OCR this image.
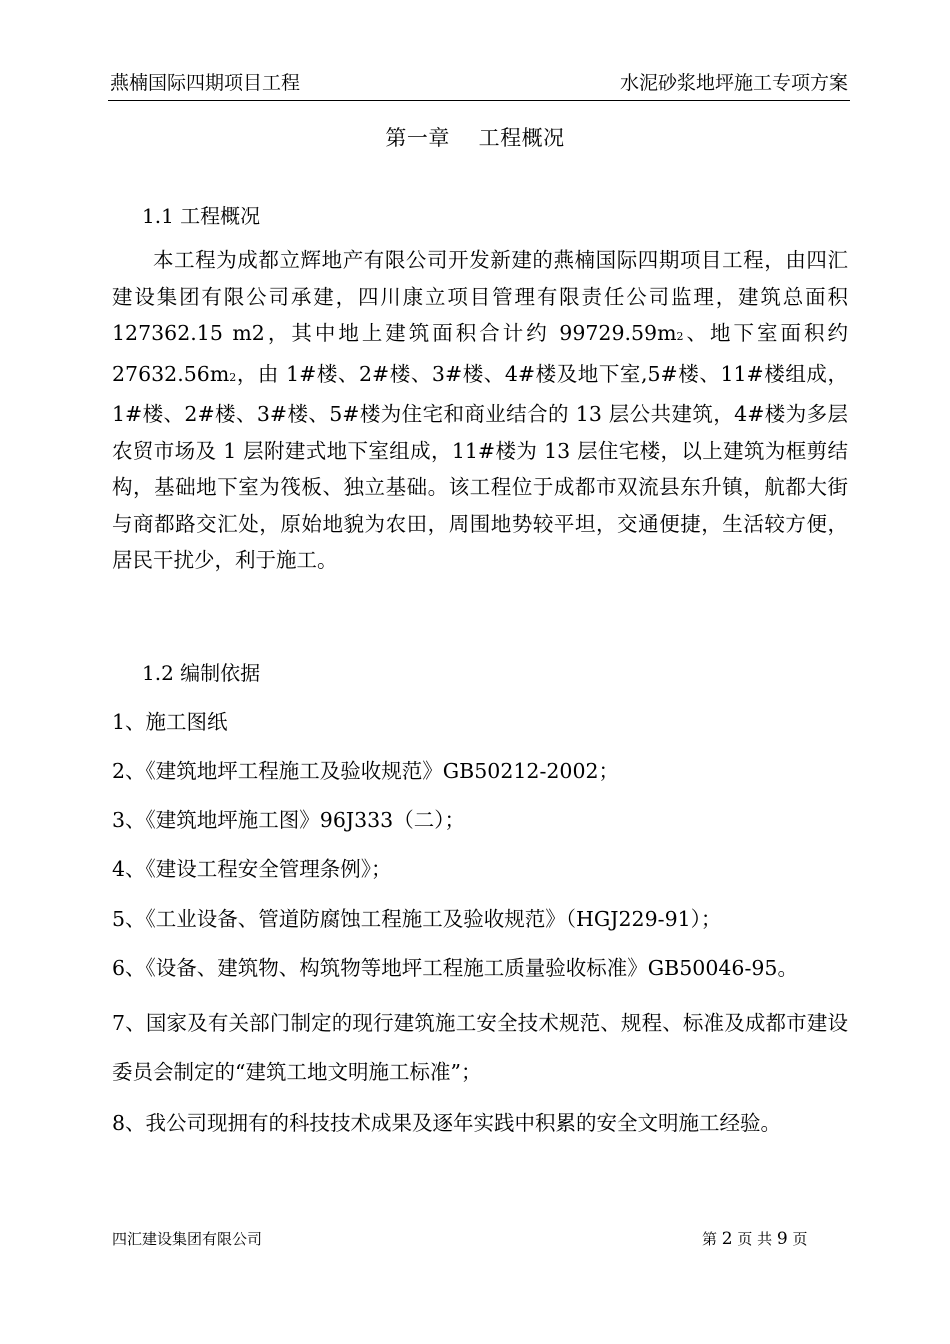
燕楠国际四期项目工程	水泥砂浆地坪施工专项方案
第一章    工程概况
1.1 工程概况
本工程为成都立辉地产有限公司开发新建的燕楠国际四期项目工程，由四汇建设集团有限公司承建，四川康立项目管理有限责任公司监理，建筑总面积 127362.15 m2，其中地上建筑面积合计约 99729.59m2、地下室面积约27632.56m2，由 1#楼、2#楼、3#楼、4#楼及地下室,5#楼、11#楼组成，1#楼、2#楼、3#楼、5#楼为住宅和商业结合的 13 层公共建筑，4#楼为多层农贸市场及 1 层附建式地下室组成，11#楼为 13 层住宅楼，以上建筑为框剪结构，基础地下室为筏板、独立基础。该工程位于成都市双流县东升镇，航都大街与商都路交汇处，原始地貌为农田，周围地势较平坦，交通便捷，生活较方便，居民干扰少，利于施工。
1.2 编制依据
1、施工图纸
2、《建筑地坪工程施工及验收规范》GB50212-2002；
3、《建筑地坪施工图》96J333（二）；
4、《建设工程安全管理条例》；
5、《工业设备、管道防腐蚀工程施工及验收规范》（HGJ229-91）；
6、《设备、建筑物、构筑物等地坪工程施工质量验收标准》GB50046-95。
7、国家及有关部门制定的现行建筑施工安全技术规范、规程、标准及成都市建设委员会制定的“建筑工地文明施工标准”；
8、我公司现拥有的科技技术成果及逐年实践中积累的安全文明施工经验。
四汇建设集团有限公司	第 2 页 共 9 页
